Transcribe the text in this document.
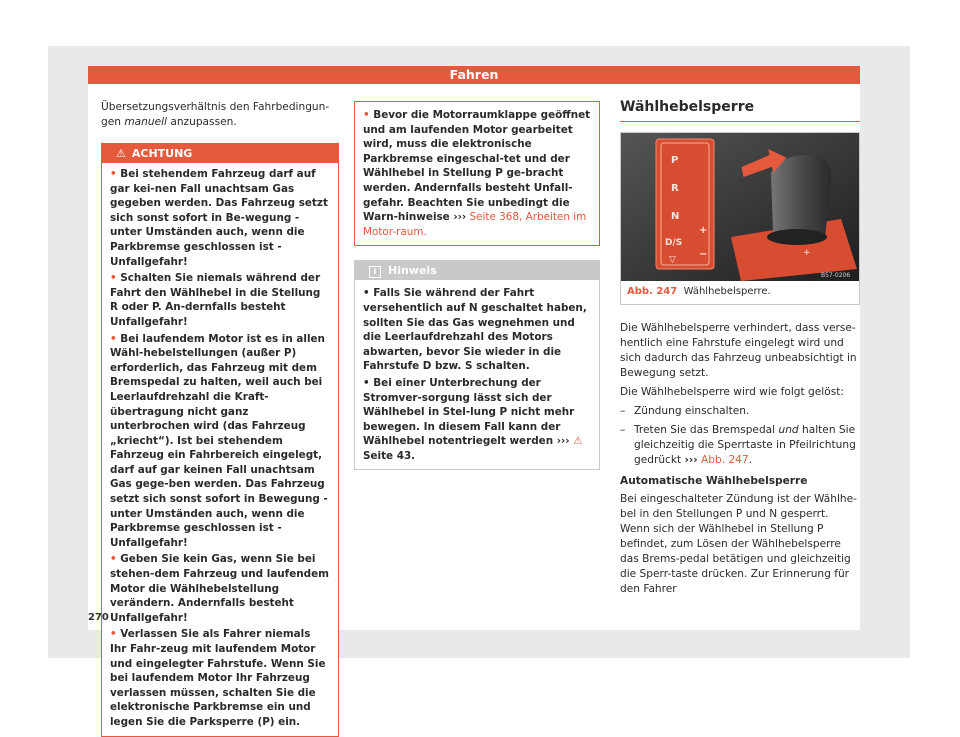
Fahren

Übersetzungsverhältnis den Fahrbedingun-
gen manuell anzupassen.

⚠ ACHTUNG

• Bei stehendem Fahrzeug darf auf gar kei-nen Fall unachtsam Gas gegeben werden. Das Fahrzeug setzt sich sonst sofort in Be-wegung - unter Umständen auch, wenn die Parkbremse geschlossen ist - Unfallgefahr!

• Schalten Sie niemals während der Fahrt den Wählhebel in die Stellung R oder P. An-dernfalls besteht Unfallgefahr!

• Bei laufendem Motor ist es in allen Wähl-hebelstellungen (außer P) erforderlich, das Fahrzeug mit dem Bremspedal zu halten, weil auch bei Leerlaufdrehzahl die Kraft-übertragung nicht ganz unterbrochen wird (das Fahrzeug „kriecht“). Ist bei stehendem Fahrzeug ein Fahrbereich eingelegt, darf auf gar keinen Fall unachtsam Gas gege-ben werden. Das Fahrzeug setzt sich sonst sofort in Bewegung - unter Umständen auch, wenn die Parkbremse geschlossen ist - Unfallgefahr!

• Geben Sie kein Gas, wenn Sie bei stehen-dem Fahrzeug und laufendem Motor die Wählhebelstellung verändern. Andernfalls besteht Unfallgefahr!

• Verlassen Sie als Fahrer niemals Ihr Fahr-zeug mit laufendem Motor und eingelegter Fahrstufe. Wenn Sie bei laufendem Motor Ihr Fahrzeug verlassen müssen, schalten Sie die elektronische Parkbremse ein und legen Sie die Parksperre (P) ein.

• Bevor die Motorraumklappe geöffnet und am laufenden Motor gearbeitet wird, muss die elektronische Parkbremse eingeschal-tet und der Wählhebel in Stellung P ge-bracht werden. Andernfalls besteht Unfall-gefahr. Beachten Sie unbedingt die Warn-hinweise ››› Seite 368, Arbeiten im Motor-raum.

i Hinweis

• Falls Sie während der Fahrt versehentlich auf N geschaltet haben, sollten Sie das Gas wegnehmen und die Leerlaufdrehzahl des Motors abwarten, bevor Sie wieder in die Fahrstufe D bzw. S schalten.

• Bei einer Unterbrechung der Stromver-sorgung lässt sich der Wählhebel in Stel-lung P nicht mehr bewegen. In diesem Fall kann der Wählhebel notentriegelt werden ››› ⚠ Seite 43.

Wählhebelsperre
P
R
N
D/S
▽
+
−	+
B57-0206
Abb. 247 Wählhebelsperre.

Die Wählhebelsperre verhindert, dass verse-hentlich eine Fahrstufe eingelegt wird und sich dadurch das Fahrzeug unbeabsichtigt in Bewegung setzt.

Die Wählhebelsperre wird wie folgt gelöst:

– Zündung einschalten.
– Treten Sie das Bremspedal und halten Sie gleichzeitig die Sperrtaste in Pfeilrichtung gedrückt ››› Abb. 247.

Automatische Wählhebelsperre

Bei eingeschalteter Zündung ist der Wählhe-bel in den Stellungen P und N gesperrt. Wenn sich der Wählhebel in Stellung P befindet, zum Lösen der Wählhebelsperre das Brems-pedal betätigen und gleichzeitig die Sperr-taste drücken. Zur Erinnerung für den Fahrer

270
